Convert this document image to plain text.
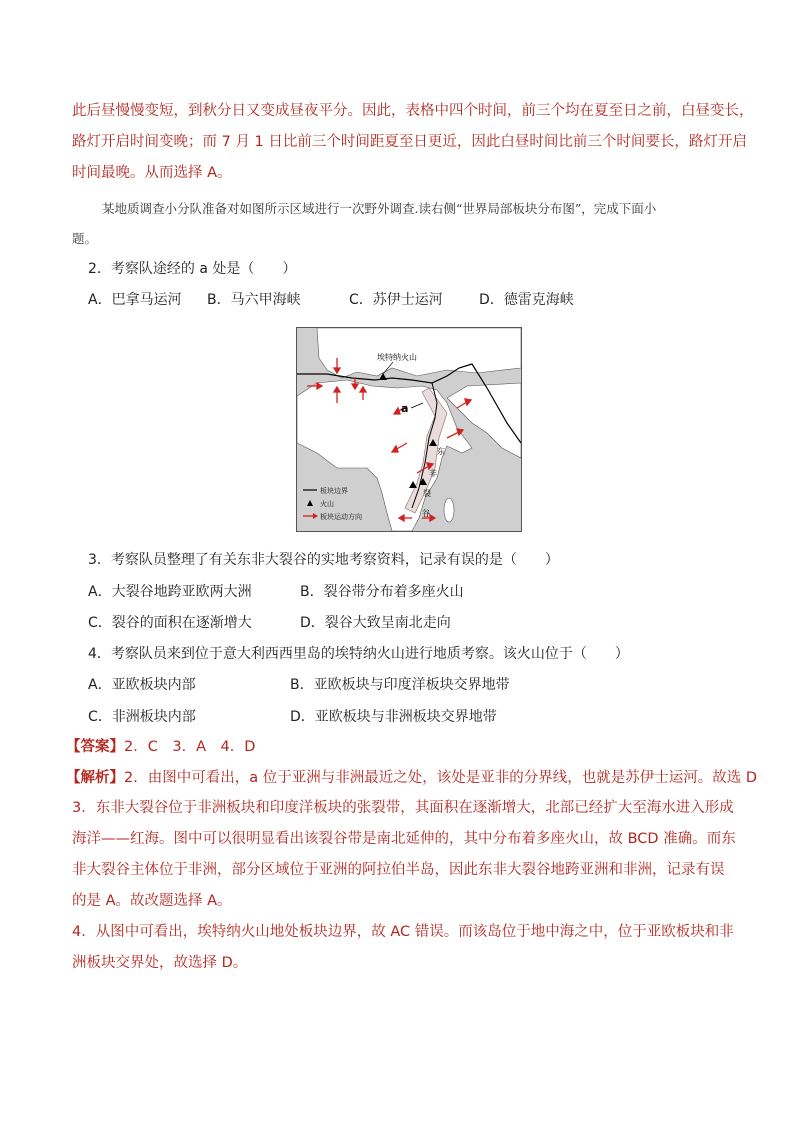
此后昼慢慢变短，到秋分日又变成昼夜平分。因此，表格中四个时间，前三个均在夏至日之前，白昼变长，
路灯开启时间变晚；而 7 月 1 日比前三个时间距夏至日更近，因此白昼时间比前三个时间要长，路灯开启
时间最晚。从而选择 A。
某地质调查小分队准备对如图所示区域进行一次野外调查.读右侧“世界局部板块分布图”，完成下面小
题。
2．考察队途经的 a 处是（　　）
A．巴拿马运河 B．马六甲海峡	C．苏伊士运河	D．德雷克海峡
a
埃特纳火山
东
非
裂
谷
板块边界
火山
板块运动方向
3．考察队员整理了有关东非大裂谷的实地考察资料，记录有误的是（　　）
A．大裂谷地跨亚欧两大洲	B．裂谷带分布着多座火山
C．裂谷的面积在逐渐增大	D．裂谷大致呈南北走向
4．考察队员来到位于意大利西西里岛的埃特纳火山进行地质考察。该火山位于（　　）
A．亚欧板块内部	B．亚欧板块与印度洋板块交界地带
C．非洲板块内部	D．亚欧板块与非洲板块交界地带
【答案】2．C　3．A　4．D
【解析】2．由图中可看出，a 位于亚洲与非洲最近之处，该处是亚非的分界线，也就是苏伊士运河。故选 D
3．东非大裂谷位于非洲板块和印度洋板块的张裂带，其面积在逐渐增大，北部已经扩大至海水进入形成海洋——红海。图中可以很明显看出该裂谷带是南北延伸的，其中分布着多座火山，故 BCD 准确。而东非大裂谷主体位于非洲，部分区域位于亚洲的阿拉伯半岛，因此东非大裂谷地跨亚洲和非洲，记录有误的是 A。故改题选择 A。
4．从图中可看出，埃特纳火山地处板块边界，故 AC 错误。而该岛位于地中海之中，位于亚欧板块和非洲板块交界处，故选择 D。
